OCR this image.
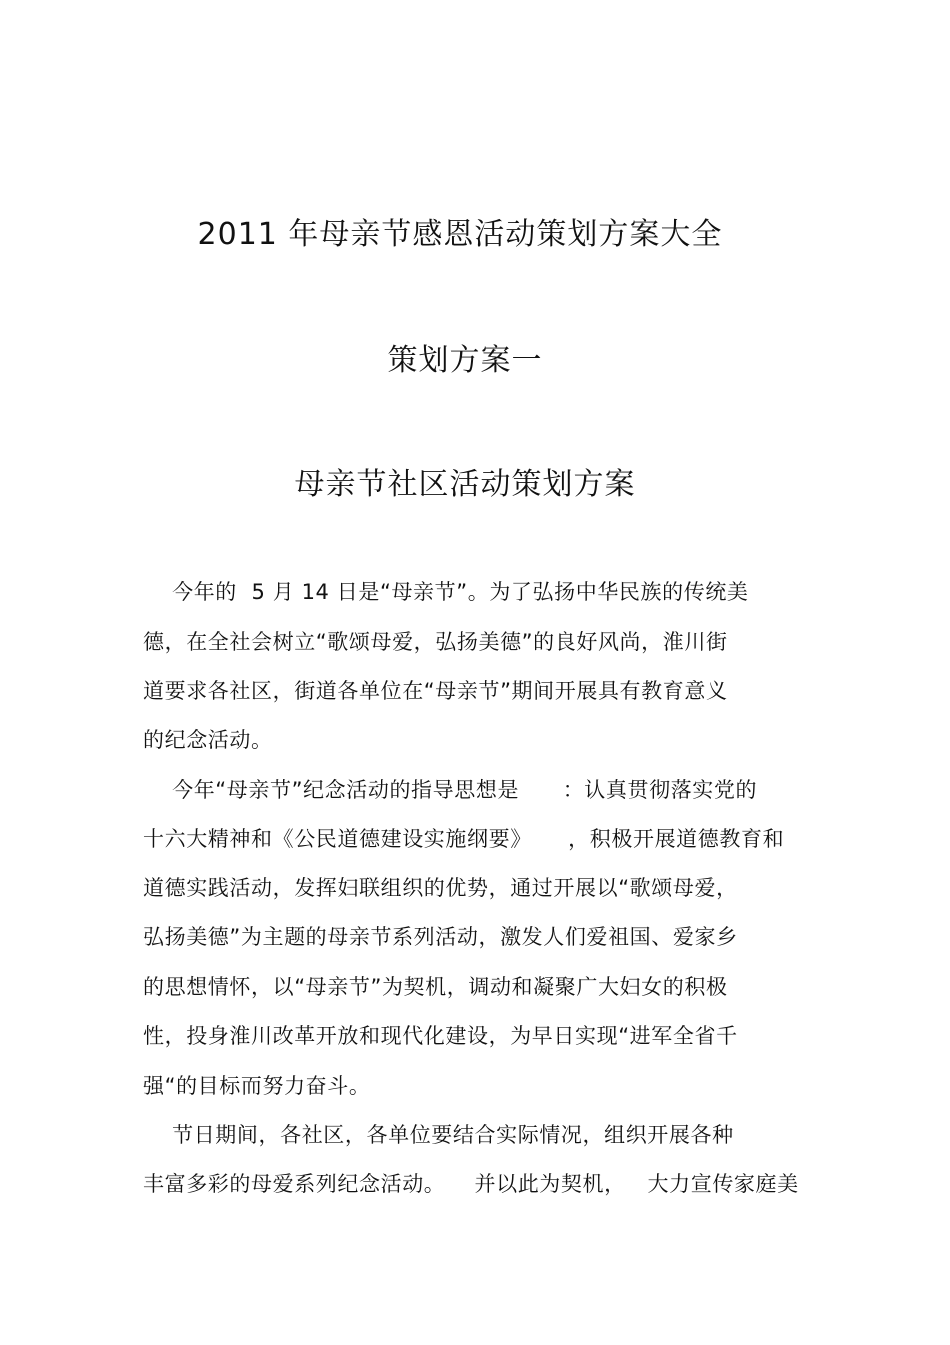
2011 年母亲节感恩活动策划方案大全
策划方案一
母亲节社区活动策划方案
今年的  5 月 14 日是“母亲节”。为了弘扬中华民族的传统美
德，在全社会树立“歌颂母爱，弘扬美德”的良好风尚，淮川街
道要求各社区，街道各单位在“母亲节”期间开展具有教育意义
的纪念活动。
今年“母亲节”纪念活动的指导思想是      ：认真贯彻落实党的
十六大精神和《公民道德建设实施纲要》     ，积极开展道德教育和
道德实践活动，发挥妇联组织的优势，通过开展以“歌颂母爱，
弘扬美德”为主题的母亲节系列活动，激发人们爱祖国、爱家乡
的思想情怀，以“母亲节”为契机，调动和凝聚广大妇女的积极
性，投身淮川改革开放和现代化建设，为早日实现“进军全省千
强“的目标而努力奋斗。
节日期间，各社区，各单位要结合实际情况，组织开展各种
丰富多彩的母爱系列纪念活动。    并以此为契机，   大力宣传家庭美
